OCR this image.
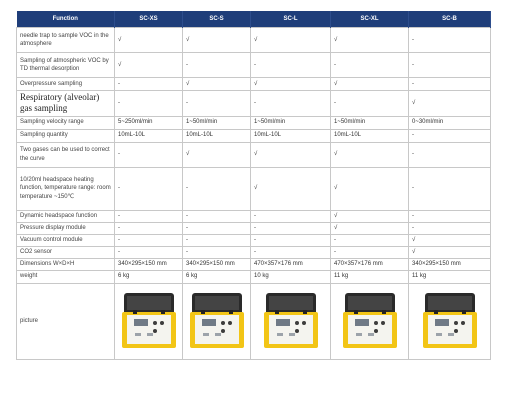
Function	SC-XS	SC-S	SC-L	SC-XL	SC-B
needle trap to sample VOC in the atmosphere	√	√	√	√	-
Sampling of atmospheric VOC by TD thermal desorption	√	-	-	-	-
Overpressure sampling	-	√	√	√	-
Respiratory (alveolar) gas sampling	-	-	-	-	√
Sampling velocity range	5~250ml/min	1~50ml/min	1~50ml/min	1~50ml/min	0~30ml/min
Sampling quantity	10mL-10L	10mL-10L	10mL-10L	10mL-10L	-
Two gases can be used to correct the curve	-	√	√	√	-
10/20ml headspace heating function, temperature range: room temperature ~150℃	-	-	√	√	-
Dynamic headspace function	-	-	-	√	-
Pressure display module	-	-	-	√	-
Vacuum control module	-	-	-	-	√
CO2 sensor	-	-	-	-	√
Dimensions W×D×H	340×295×150 mm	340×295×150 mm	470×357×176 mm	470×357×176 mm	340×295×150 mm
weight	6 kg	6 kg	10 kg	11 kg	11 kg
picture	
